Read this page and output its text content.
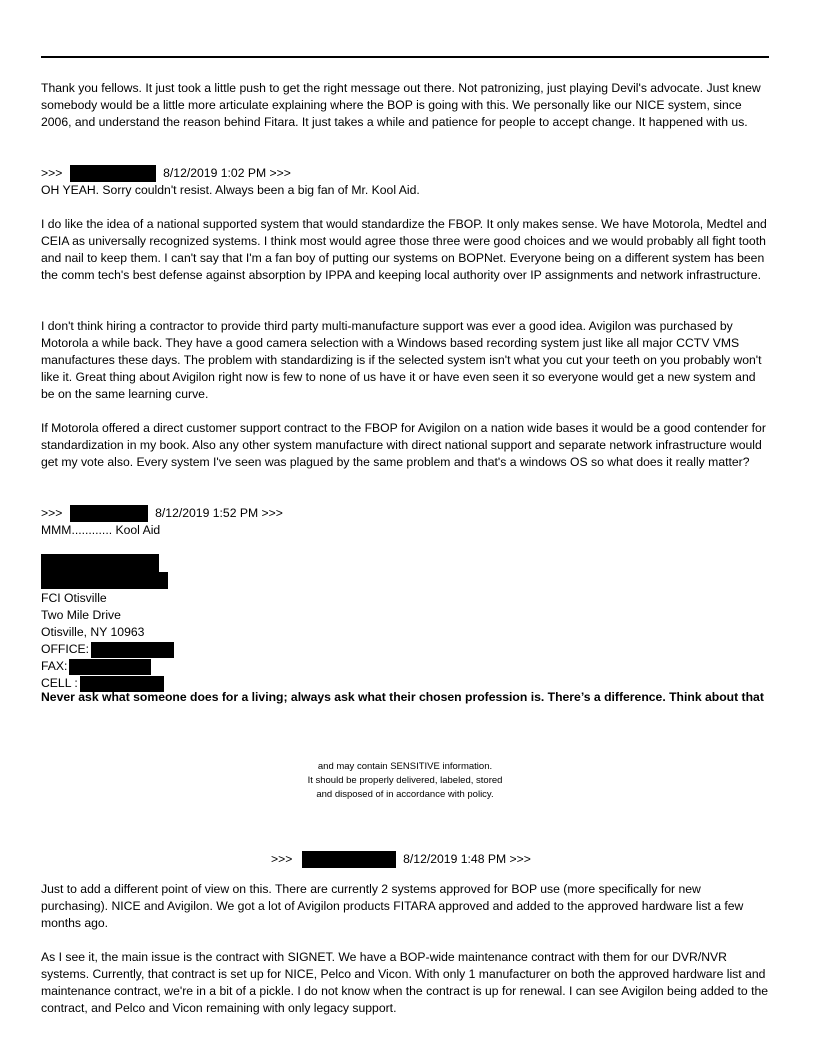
Thank you fellows. It just took a little push to get the right message out there. Not patronizing, just playing Devil's advocate. Just knew somebody would be a little more articulate explaining where the BOP is going with this. We personally like our NICE system, since 2006, and understand the reason behind Fitara. It just takes a while and patience for people to accept change. It happened with us.

>>>	8/12/2019 1:02 PM >>>

OH YEAH. Sorry couldn't resist. Always been a big fan of Mr. Kool Aid.

I do like the idea of a national supported system that would standardize the FBOP. It only makes sense. We have Motorola, Medtel and CEIA as universally recognized systems. I think most would agree those three were good choices and we would probably all fight tooth and nail to keep them. I can't say that I'm a fan boy of putting our systems on BOPNet. Everyone being on a different system has been the comm tech's best defense against absorption by IPPA and keeping local authority over IP assignments and network infrastructure.

I don't think hiring a contractor to provide third party multi-manufacture support was ever a good idea. Avigilon was purchased by Motorola a while back. They have a good camera selection with a Windows based recording system just like all major CCTV VMS manufactures these days. The problem with standardizing is if the selected system isn't what you cut your teeth on you probably won't like it. Great thing about Avigilon right now is few to none of us have it or have even seen it so everyone would get a new system and be on the same learning curve.

If Motorola offered a direct customer support contract to the FBOP for Avigilon on a nation wide bases it would be a good contender for standardization in my book. Also any other system manufacture with direct national support and separate network infrastructure would get my vote also. Every system I've seen was plagued by the same problem and that's a windows OS so what does it really matter?

>>>	8/12/2019 1:52 PM >>>

MMM............ Kool Aid

FCI Otisville
Two Mile Drive
Otisville, NY 10963
OFFICE:
FAX:
CELL :

Never ask what someone does for a living; always ask what their chosen profession is. There’s a difference. Think about that

and may contain SENSITIVE information.
It should be properly delivered, labeled, stored
and disposed of in accordance with policy.
>>>	8/12/2019 1:48 PM >>>

Just to add a different point of view on this. There are currently 2 systems approved for BOP use (more specifically for new purchasing). NICE and Avigilon. We got a lot of Avigilon products FITARA approved and added to the approved hardware list a few months ago.

As I see it, the main issue is the contract with SIGNET. We have a BOP-wide maintenance contract with them for our DVR/NVR systems. Currently, that contract is set up for NICE, Pelco and Vicon. With only 1 manufacturer on both the approved hardware list and maintenance contract, we're in a bit of a pickle. I do not know when the contract is up for renewal. I can see Avigilon being added to the contract, and Pelco and Vicon remaining with only legacy support.
